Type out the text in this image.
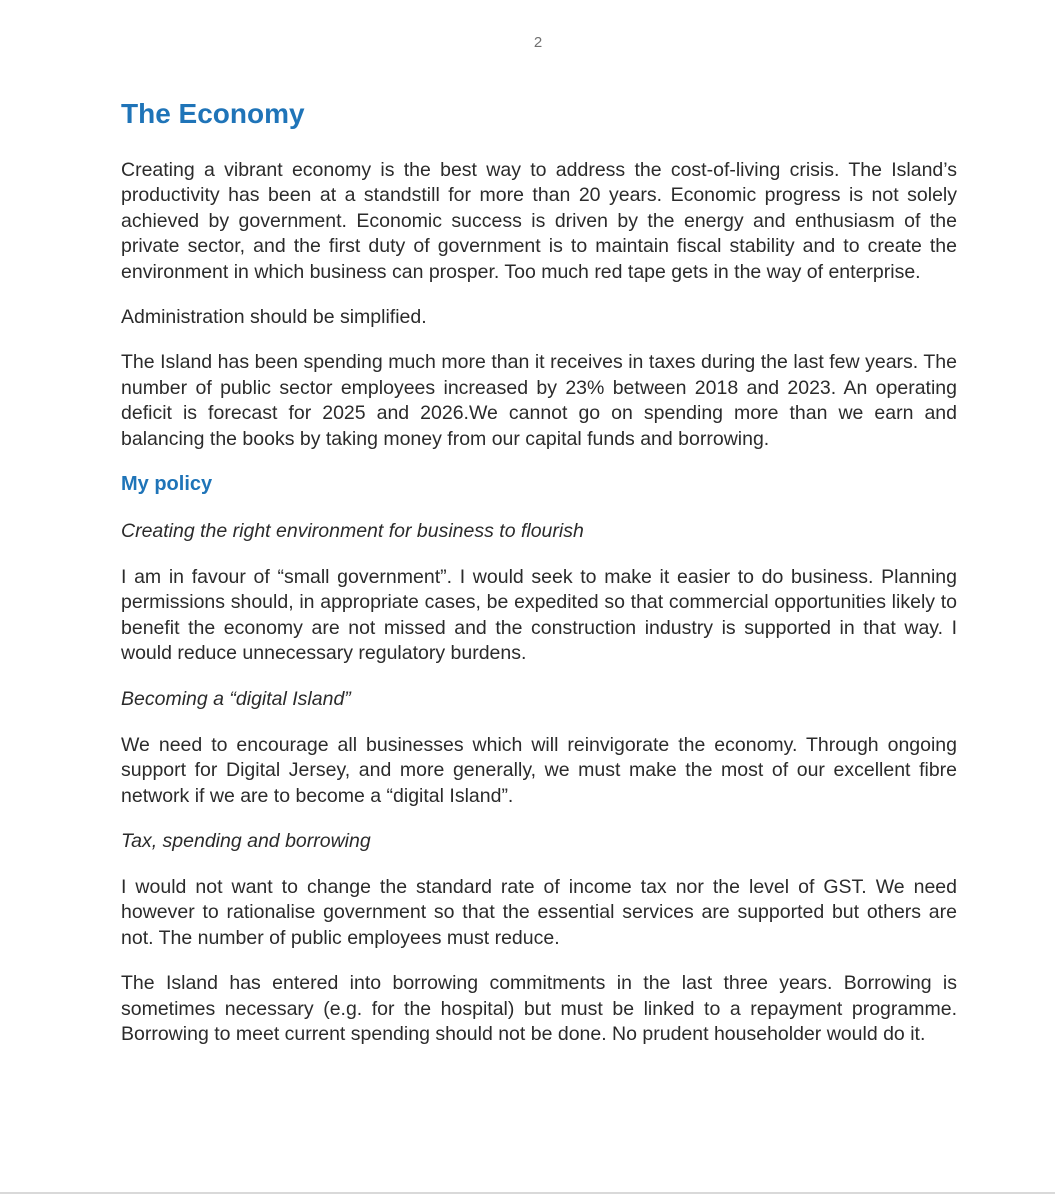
2
The Economy

Creating a vibrant economy is the best way to address the cost-of-living crisis. The Island’s productivity has been at a standstill for more than 20 years. Economic progress is not solely achieved by government. Economic success is driven by the energy and enthusiasm of the private sector, and the first duty of government is to maintain fiscal stability and to create the environment in which business can prosper. Too much red tape gets in the way of enterprise.

Administration should be simplified.

The Island has been spending much more than it receives in taxes during the last few years. The number of public sector employees increased by 23% between 2018 and 2023. An operating deficit is forecast for 2025 and 2026.We cannot go on spending more than we earn and balancing the books by taking money from our capital funds and borrowing.

My policy
Creating the right environment for business to flourish

I am in favour of “small government”. I would seek to make it easier to do business. Planning permissions should, in appropriate cases, be expedited so that commercial opportunities likely to benefit the economy are not missed and the construction industry is supported in that way. I would reduce unnecessary regulatory burdens.

Becoming a “digital Island”

We need to encourage all businesses which will reinvigorate the economy. Through ongoing support for Digital Jersey, and more generally, we must make the most of our excellent fibre network if we are to become a “digital Island”.

Tax, spending and borrowing

I would not want to change the standard rate of income tax nor the level of GST. We need however to rationalise government so that the essential services are supported but others are not. The number of public employees must reduce.

The Island has entered into borrowing commitments in the last three years. Borrowing is sometimes necessary (e.g. for the hospital) but must be linked to a repayment programme. Borrowing to meet current spending should not be done. No prudent householder would do it.
